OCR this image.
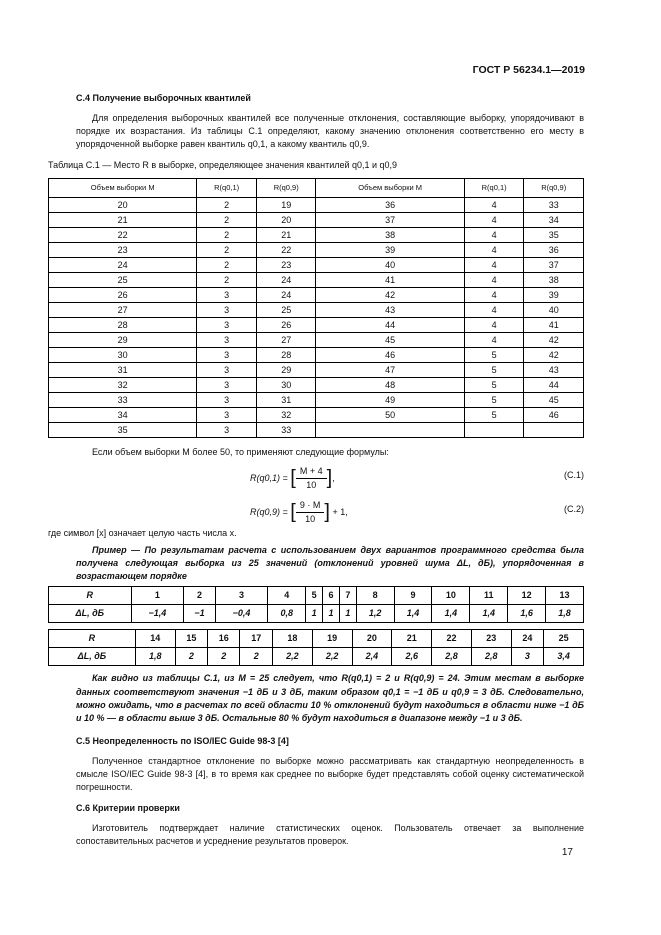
ГОСТ Р 56234.1—2019
С.4 Получение выборочных квантилей

Для определения выборочных квантилей все полученные отклонения, составляющие выборку, упорядочивают в порядке их возрастания. Из таблицы С.1 определяют, какому значению отклонения соответственно его месту в упорядоченной выборке равен квантиль q0,1, а какому квантиль q0,9.

Таблица С.1 — Место R в выборке, определяющее значения квантилей q0,1 и q0,9
Объем выборки M	R(q0,1)	R(q0,9)	Объем выборки M	R(q0,1)	R(q0,9)
20	2	19	36	4	33
21	2	20	37	4	34
22	2	21	38	4	35
23	2	22	39	4	36
24	2	23	40	4	37
25	2	24	41	4	38
26	3	24	42	4	39
27	3	25	43	4	40
28	3	26	44	4	41
29	3	27	45	4	42
30	3	28	46	5	42
31	3	29	47	5	43
32	3	30	48	5	44
33	3	31	49	5	45
34	3	32	50	5	46
35	3	33			

Если объем выборки M более 50, то применяют следующие формулы:

R(q0,1) = [ $\frac{M + 4}{10}$ ],	(С.1)
R(q0,9) = [ $\frac{9 \cdot M}{10}$ ] + 1,	(С.2)

где символ [x] означает целую часть числа x.

Пример — По результатам расчета с использованием двух вариантов программного средства была получена следующая выборка из 25 значений (отклонений уровней шума ΔL, дБ), упорядоченная в возрастающем порядке

R	1	2	3	4	5	6	7	8	9	10	11	12	13
ΔL, дБ	−1,4	−1	−0,4	0,8	1	1	1	1,2	1,4	1,4	1,4	1,6	1,8
R	14	15	16	17	18	19	20	21	22	23	24	25
ΔL, дБ	1,8	2	2	2	2,2	2,2	2,4	2,6	2,8	2,8	3	3,4

Как видно из таблицы С.1, из M = 25 следует, что R(q0,1) = 2 и R(q0,9) = 24. Этим местам в выборке данных соответствуют значения −1 дБ и 3 дБ, таким образом q0,1 = −1 дБ и q0,9 = 3 дБ. Следовательно, можно ожидать, что в расчетах по всей области 10 % отклонений будут находиться в области ниже −1 дБ и 10 % — в области выше 3 дБ. Остальные 80 % будут находиться в диапазоне между −1 и 3 дБ.

С.5 Неопределенность по ISO/IEC Guide 98-3 [4]

Полученное стандартное отклонение по выборке можно рассматривать как стандартную неопределенность в смысле ISO/IEC Guide 98-3 [4], в то время как среднее по выборке будет представлять собой оценку систематической погрешности.

С.6 Критерии проверки

Изготовитель подтверждает наличие статистических оценок. Пользователь отвечает за выполнение сопоставительных расчетов и усреднение результатов проверок.

17
